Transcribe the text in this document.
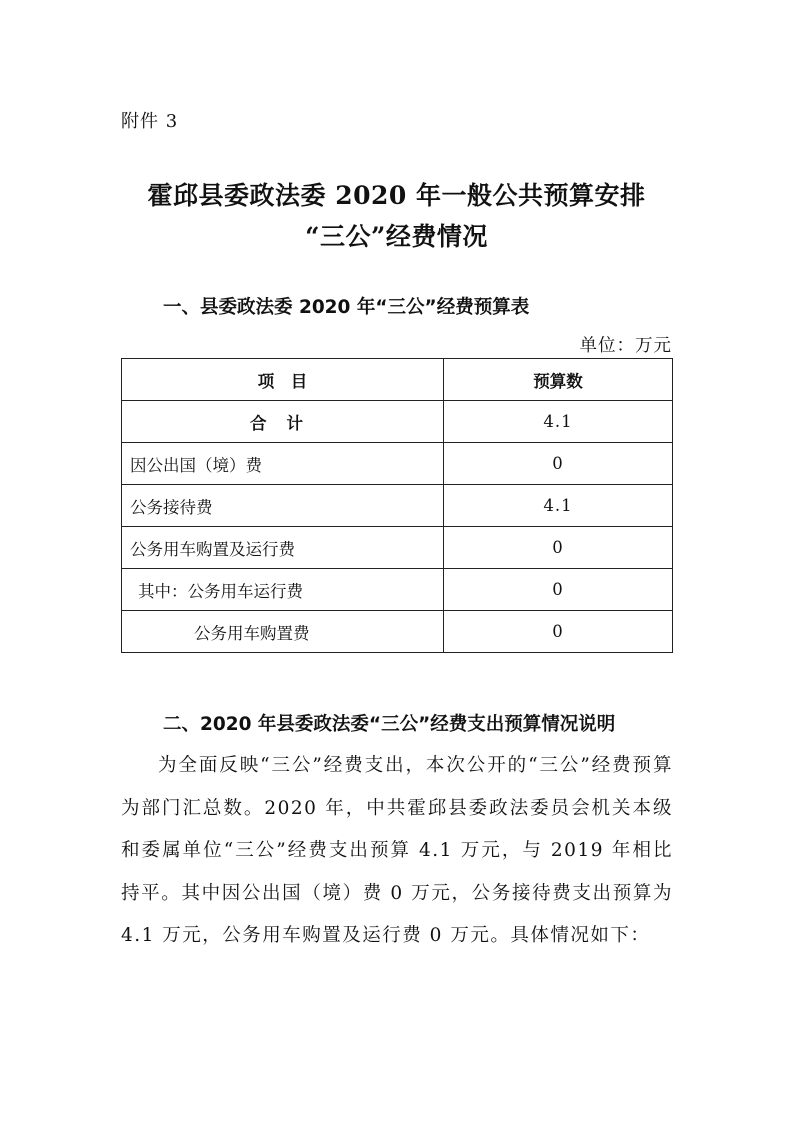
附件 3
霍邱县委政法委 2020 年一般公共预算安排
“三公”经费情况
一、县委政法委 2020 年“三公”经费预算表
单位：万元
项　目	预算数
合计	4.1
因公出国（境）费	0
公务接待费	4.1
公务用车购置及运行费	0
其中：公务用车运行费	0
公务用车购置费	0
二、2020 年县委政法委“三公”经费支出预算情况说明
为全面反映“三公”经费支出，本次公开的“三公”经费预算为部门汇总数。2020 年，中共霍邱县委政法委员会机关本级和委属单位“三公”经费支出预算 4.1 万元，与 2019 年相比持平。其中因公出国（境）费 0 万元，公务接待费支出预算为 4.1 万元，公务用车购置及运行费 0 万元。具体情况如下：
